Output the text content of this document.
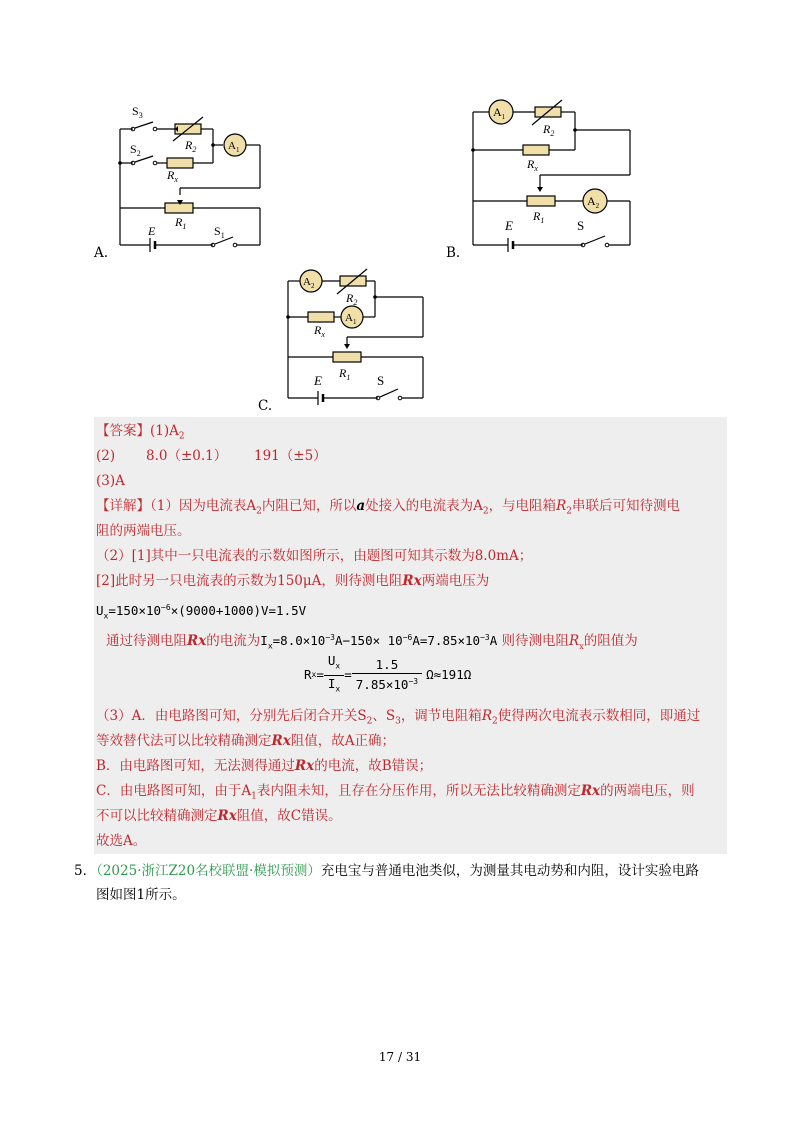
$S_3$
$R_2$	$A_1$
$S_2$
$R_x$
$R_1$
E	$S_1$
A.
$A_1$
$R_2$
$R_x$
$R_1$
$A_2$
E	S
B.
$A_2$
$R_2$
$R_x$
$A_1$
$R_1$
E	S
C.
【答案】$(1)A_2$
(2) 8.0（±0.1） 191（±5）
(3)A
【详解】（1）因为电流表$A_2$内阻已知，所以a处接入的电流表为$A_2$，与电阻箱$R_2$串联后可知待测电
阻的两端电压。
（2）[1]其中一只电流表的示数如图所示，由题图可知其示数为8.0mA；
[2]此时另一只电流表的示数为150μA，则待测电阻Rx两端电压为
$U_x=150\times 10^{-6}\times(9000+1000)V=1.5V$
通过待测电阻Rx的电流为$I_x=8.0\times 10^{-3}A-150\times 10^{-6}A=7.85\times 10^{-3}A$ 则待测电阻$R_x$的阻值为
R $x = \frac{U_x}{I_x} = \frac{1.5}{7.85\times 10^{-3}} \Omega\approx 191\Omega$
（3）A．由电路图可知，分别先后闭合开关$S_2$、$S_3$，调节电阻箱$R_2$使得两次电流表示数相同，即通过
等效替代法可以比较精确测定Rx阻值，故A正确；
B．由电路图可知，无法测得通过Rx的电流，故B错误；
C．由电路图可知，由于$A_1$表内阻未知，且存在分压作用，所以无法比较精确测定Rx的两端电压，则
不可以比较精确测定Rx阻值，故C错误。
故选A。
5．（2025·浙江Z20名校联盟·模拟预测）充电宝与普通电池类似，为测量其电动势和内阻，设计实验电路
图如图1所示。
17 / 31
